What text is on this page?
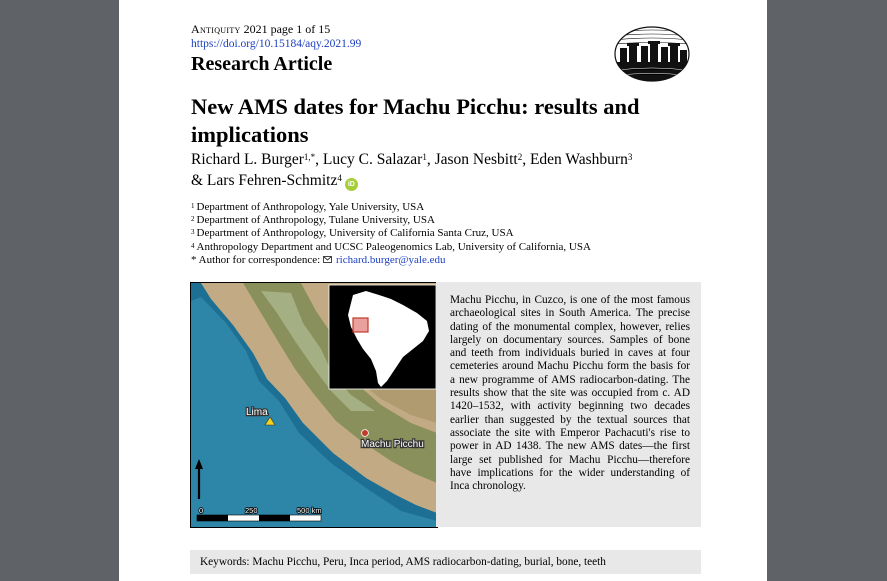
Antiquity 2021 page 1 of 15
https://doi.org/10.15184/aqy.2021.99
Research Article
New AMS dates for Machu Picchu: results and implications
Richard L. Burger$^{1,*}$, Lucy C. Salazar$^1$, Jason Nesbitt$^2$, Eden Washburn$^3$
& Lars Fehren-Schmitz$^4$iD
$^1$ Department of Anthropology, Yale University, USA
$^2$ Department of Anthropology, Tulane University, USA
$^3$ Department of Anthropology, University of California Santa Cruz, USA
$^4$ Anthropology Department and UCSC Paleogenomics Lab, University of California, USA
* Author for correspondence: richard.burger@yale.edu
Lima
Machu Picchu
0	250	500 km
Machu Picchu, in Cuzco, is one of the most famous archaeological sites in South America. The precise dating of the monumental complex, however, relies largely on documentary sources. Samples of bone and teeth from individuals buried in caves at four cemeteries around Machu Picchu form the basis for a new programme of AMS radiocarbon-dating. The results show that the site was occupied from c. AD 1420–1532, with activity beginning two decades earlier than suggested by the textual sources that associate the site with Emperor Pachacuti's rise to power in AD 1438. The new AMS dates—the first large set published for Machu Picchu—therefore have implications for the wider understanding of Inca chronology.
Keywords: Machu Picchu, Peru, Inca period, AMS radiocarbon-dating, burial, bone, teeth
